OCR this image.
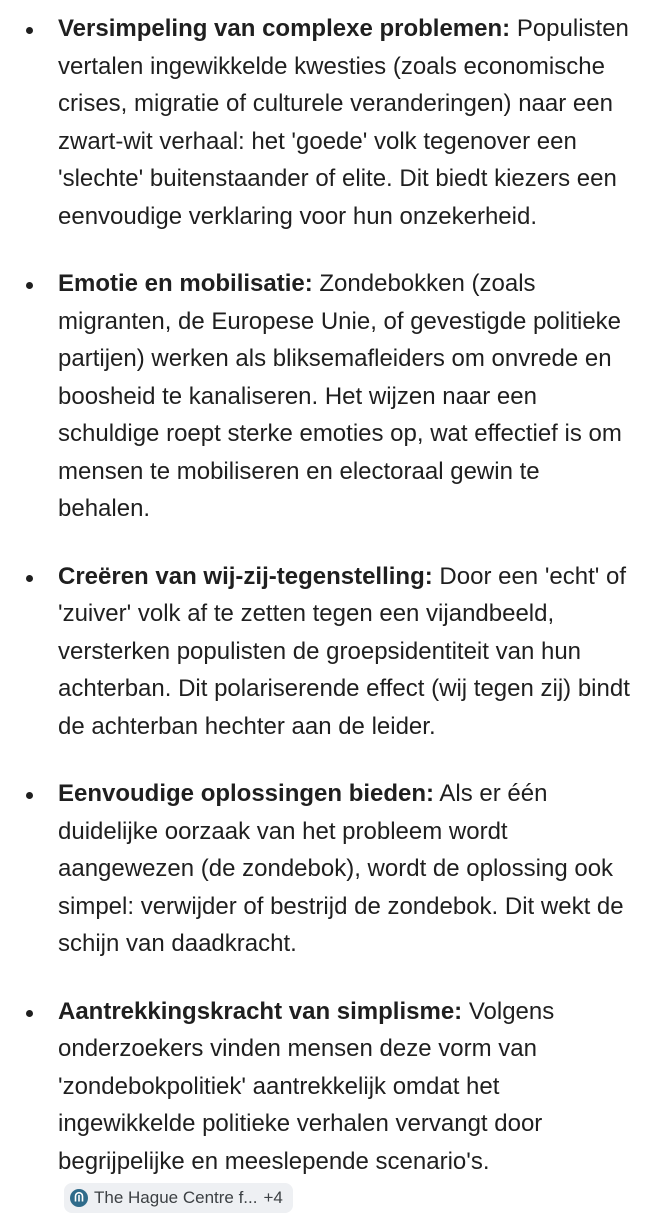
Versimpeling van complexe problemen: Populisten vertalen ingewikkelde kwesties (zoals economische crises, migratie of culturele veranderingen) naar een zwart-wit verhaal: het 'goede' volk tegenover een 'slechte' buitenstaander of elite. Dit biedt kiezers een eenvoudige verklaring voor hun onzekerheid.
Emotie en mobilisatie: Zondebokken (zoals migranten, de Europese Unie, of gevestigde politieke partijen) werken als bliksemafleiders om onvrede en boosheid te kanaliseren. Het wijzen naar een schuldige roept sterke emoties op, wat effectief is om mensen te mobiliseren en electoraal gewin te behalen.
Creëren van wij-zij-tegenstelling: Door een 'echt' of 'zuiver' volk af te zetten tegen een vijandbeeld, versterken populisten de groepsidentiteit van hun achterban. Dit polariserende effect (wij tegen zij) bindt de achterban hechter aan de leider.
Eenvoudige oplossingen bieden: Als er één duidelijke oorzaak van het probleem wordt aangewezen (de zondebok), wordt de oplossing ook simpel: verwijder of bestrijd de zondebok. Dit wekt de schijn van daadkracht.
Aantrekkingskracht van simplisme: Volgens onderzoekers vinden mensen deze vorm van 'zondebokpolitiek' aantrekkelijk omdat het ingewikkelde politieke verhalen vervangt door begrijpelijke en meeslepende scenario's.
The Hague Centre f... +4
